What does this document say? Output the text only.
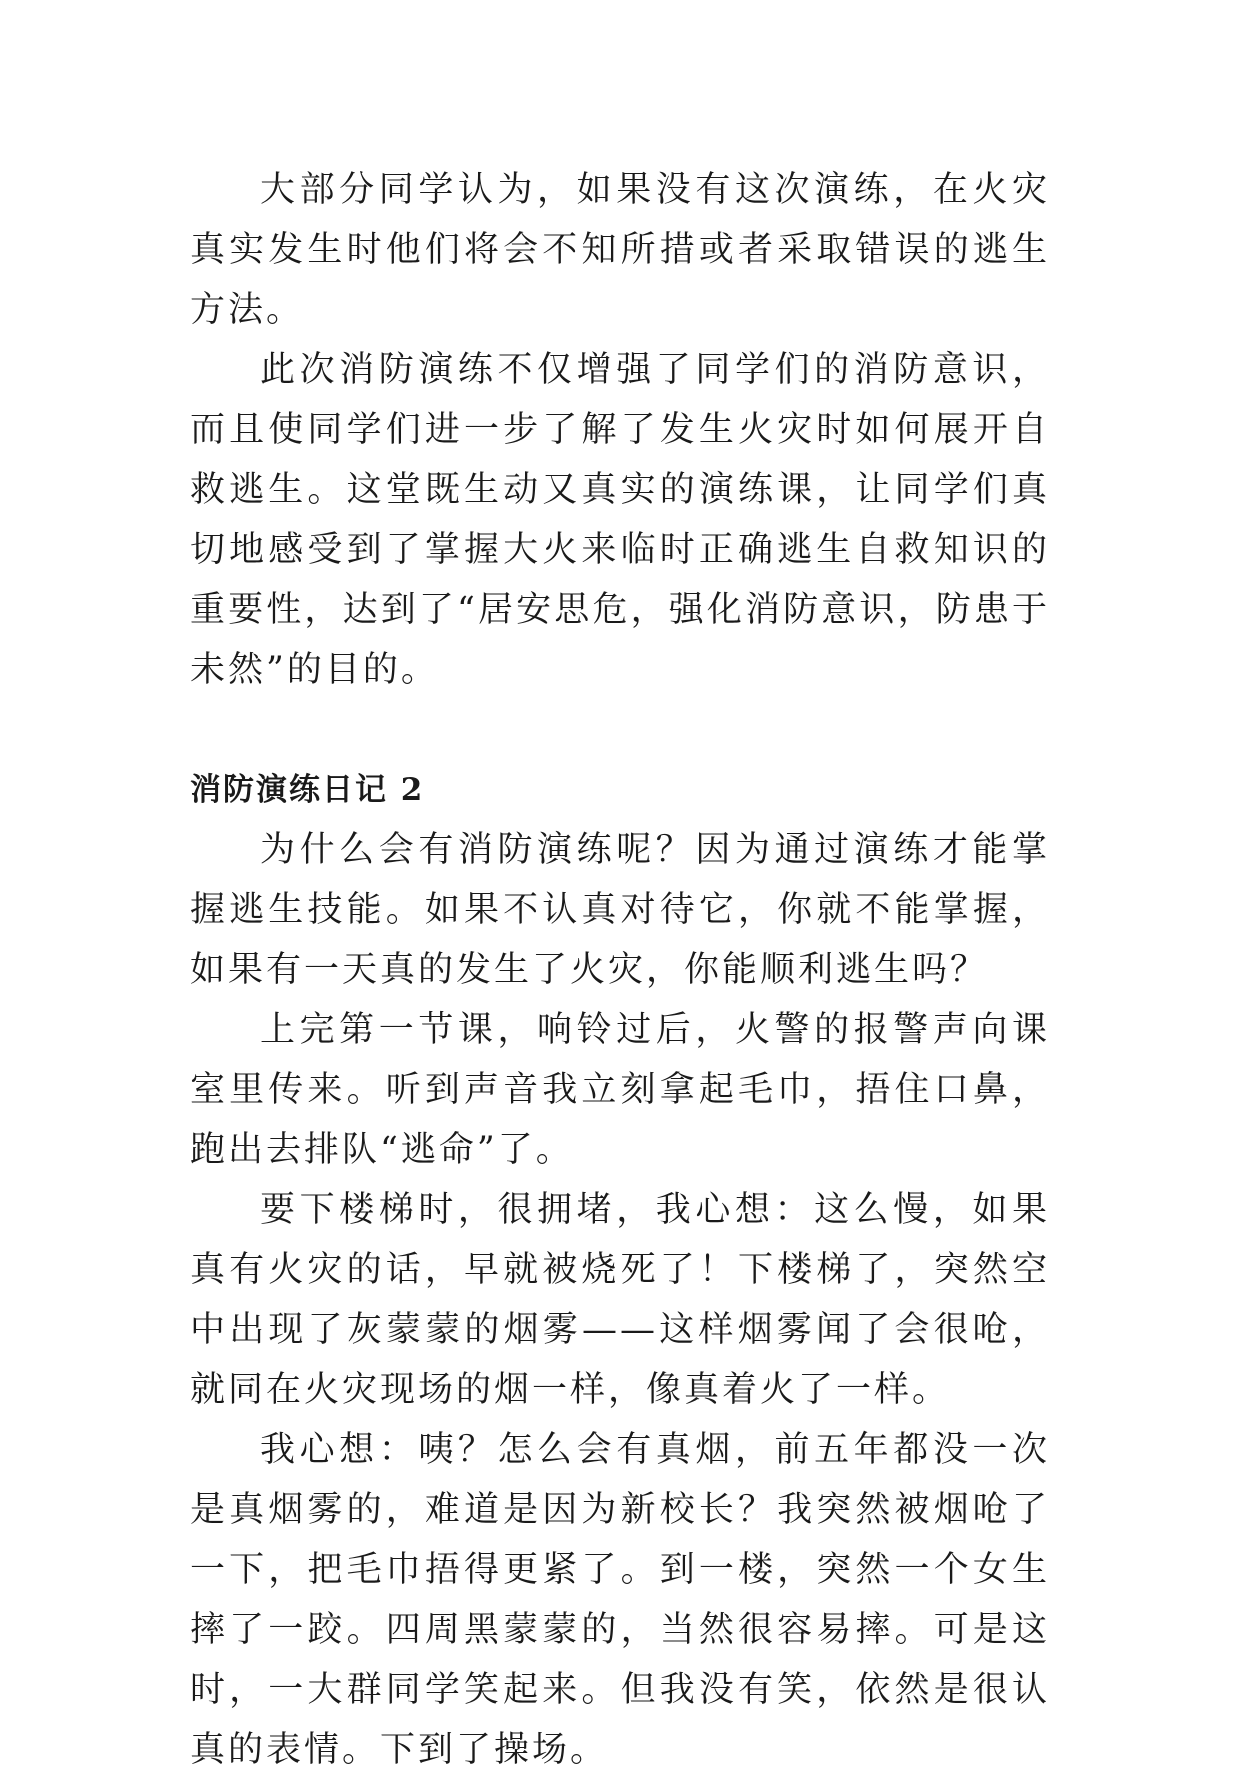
大部分同学认为，如果没有这次演练，在火灾真实发生时他们将会不知所措或者采取错误的逃生方法。

此次消防演练不仅增强了同学们的消防意识，而且使同学们进一步了解了发生火灾时如何展开自救逃生。这堂既生动又真实的演练课，让同学们真切地感受到了掌握大火来临时正确逃生自救知识的重要性，达到了“居安思危，强化消防意识，防患于未然”的目的。

消防演练日记 2

为什么会有消防演练呢？因为通过演练才能掌握逃生技能。如果不认真对待它，你就不能掌握，如果有一天真的发生了火灾，你能顺利逃生吗？

上完第一节课，响铃过后，火警的报警声向课室里传来。听到声音我立刻拿起毛巾，捂住口鼻，跑出去排队“逃命”了。

要下楼梯时，很拥堵，我心想：这么慢，如果真有火灾的话，早就被烧死了！下楼梯了，突然空中出现了灰蒙蒙的烟雾——这样烟雾闻了会很呛，就同在火灾现场的烟一样，像真着火了一样。

我心想：咦？怎么会有真烟，前五年都没一次是真烟雾的，难道是因为新校长？我突然被烟呛了一下，把毛巾捂得更紧了。到一楼，突然一个女生摔了一跤。四周黑蒙蒙的，当然很容易摔。可是这时，一大群同学笑起来。但我没有笑，依然是很认真的表情。下到了操场。
